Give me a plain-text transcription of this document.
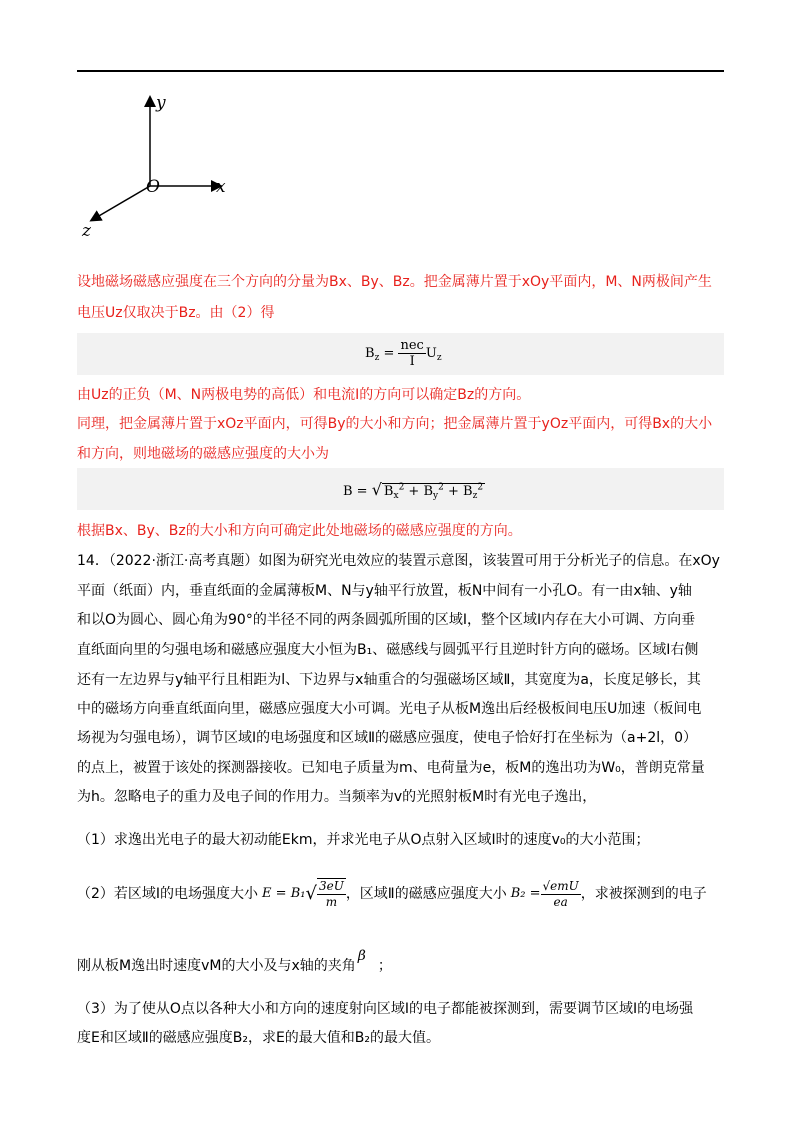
y
x
z
O
设地磁场磁感应强度在三个方向的分量为Bx、By、Bz。把金属薄片置于xOy平面内，M、N两极间产生
电压Uz仅取决于Bz。由（2）得
$B_z = \frac{\text{nec}}{I} U_z$
由Uz的正负（M、N两极电势的高低）和电流I的方向可以确定Bz的方向。
同理，把金属薄片置于xOz平面内，可得By的大小和方向；把金属薄片置于yOz平面内，可得Bx的大小
和方向，则地磁场的磁感应强度的大小为
B = √ $B_x^2 + B_y^2 + B_z^2$
根据Bx、By、Bz的大小和方向可确定此处地磁场的磁感应强度的方向。
14．（2022·浙江·高考真题）如图为研究光电效应的装置示意图，该装置可用于分析光子的信息。在xOy
平面（纸面）内，垂直纸面的金属薄板M、N与y轴平行放置，板N中间有一小孔O。有一由x轴、y轴
和以O为圆心、圆心角为90°的半径不同的两条圆弧所围的区域Ⅰ，整个区域Ⅰ内存在大小可调、方向垂
直纸面向里的匀强电场和磁感应强度大小恒为B₁、磁感线与圆弧平行且逆时针方向的磁场。区域Ⅰ右侧
还有一左边界与y轴平行且相距为l、下边界与x轴重合的匀强磁场区域Ⅱ，其宽度为a，长度足够长，其
中的磁场方向垂直纸面向里，磁感应强度大小可调。光电子从板M逸出后经极板间电压U加速（板间电
场视为匀强电场），调节区域Ⅰ的电场强度和区域Ⅱ的磁感应强度，使电子恰好打在坐标为（a+2l，0）
的点上，被置于该处的探测器接收。已知电子质量为m、电荷量为e，板M的逸出功为W₀，普朗克常量
为h。忽略电子的重力及电子间的作用力。当频率为v的光照射板M时有光电子逸出，
（1）求逸出光电子的最大初动能Ekm，并求光电子从O点射入区域Ⅰ时的速度v₀的大小范围；
（2）若区域Ⅰ的电场强度大小 E = B₁ √ $\frac{3eU}{m}$ ，区域Ⅱ的磁感应强度大小 $B_2 = \frac{\text{√emU}}{ea}$ ，求被探测到的电子
刚从板M逸出时速度vM的大小及与x轴的夹角β；
（3）为了使从O点以各种大小和方向的速度射向区域Ⅰ的电子都能被探测到，需要调节区域Ⅰ的电场强
度E和区域Ⅱ的磁感应强度B₂，求E的最大值和B₂的最大值。
